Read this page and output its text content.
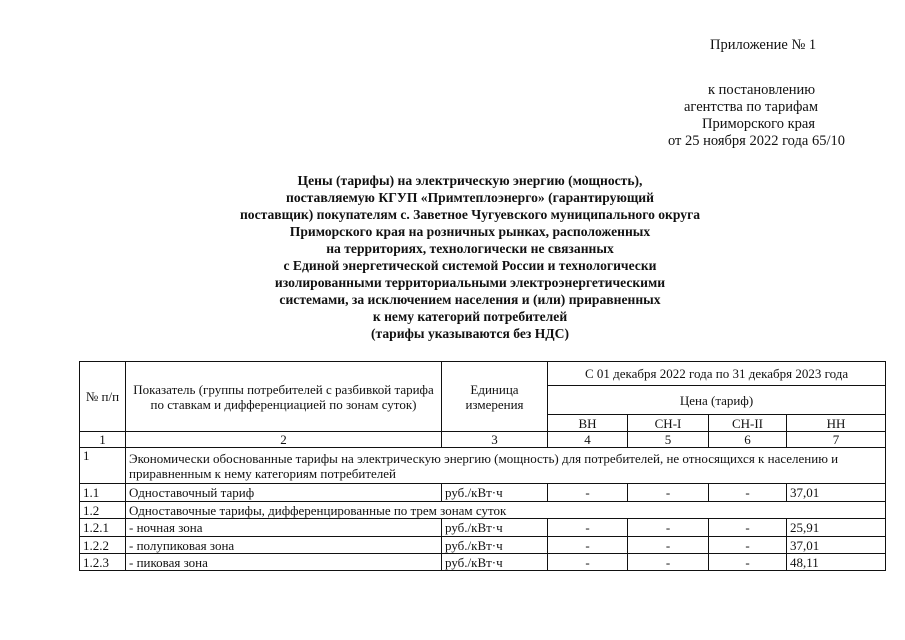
Приложение № 1
к постановлению
агентства по тарифам
Приморского края
от 25 ноября 2022 года 65/10
Цены (тарифы) на электрическую энергию (мощность),
поставляемую КГУП «Примтеплоэнерго» (гарантирующий
поставщик) покупателям с. Заветное Чугуевского муниципального округа
Приморского края на розничных рынках, расположенных
на территориях, технологически не связанных
с Единой энергетической системой России и технологически
изолированными территориальными электроэнергетическими
системами, за исключением населения и (или) приравненных
к нему категорий потребителей
(тарифы указываются без НДС)
№ п/п	Показатель (группы потребителей с разбивкой тарифа по ставкам и дифференциацией по зонам суток)	Единица измерения	С 01 декабря 2022 года по 31 декабря 2023 года			
			Цена (тариф)			
			ВН	СН-I	СН-II	НН
1	2	3	4	5	6	7
1	Экономически обоснованные тарифы на электрическую энергию (мощность) для потребителей, не относящихся к населению и приравненным к нему категориям потребителей					
1.1	Одноставочный тариф	руб./кВт·ч	-	-	-	37,01
1.2	Одноставочные тарифы, дифференцированные по трем зонам суток					
1.2.1	- ночная зона	руб./кВт·ч	-	-	-	25,91
1.2.2	- полупиковая зона	руб./кВт·ч	-	-	-	37,01
1.2.3	- пиковая зона	руб./кВт·ч	-	-	-	48,11
